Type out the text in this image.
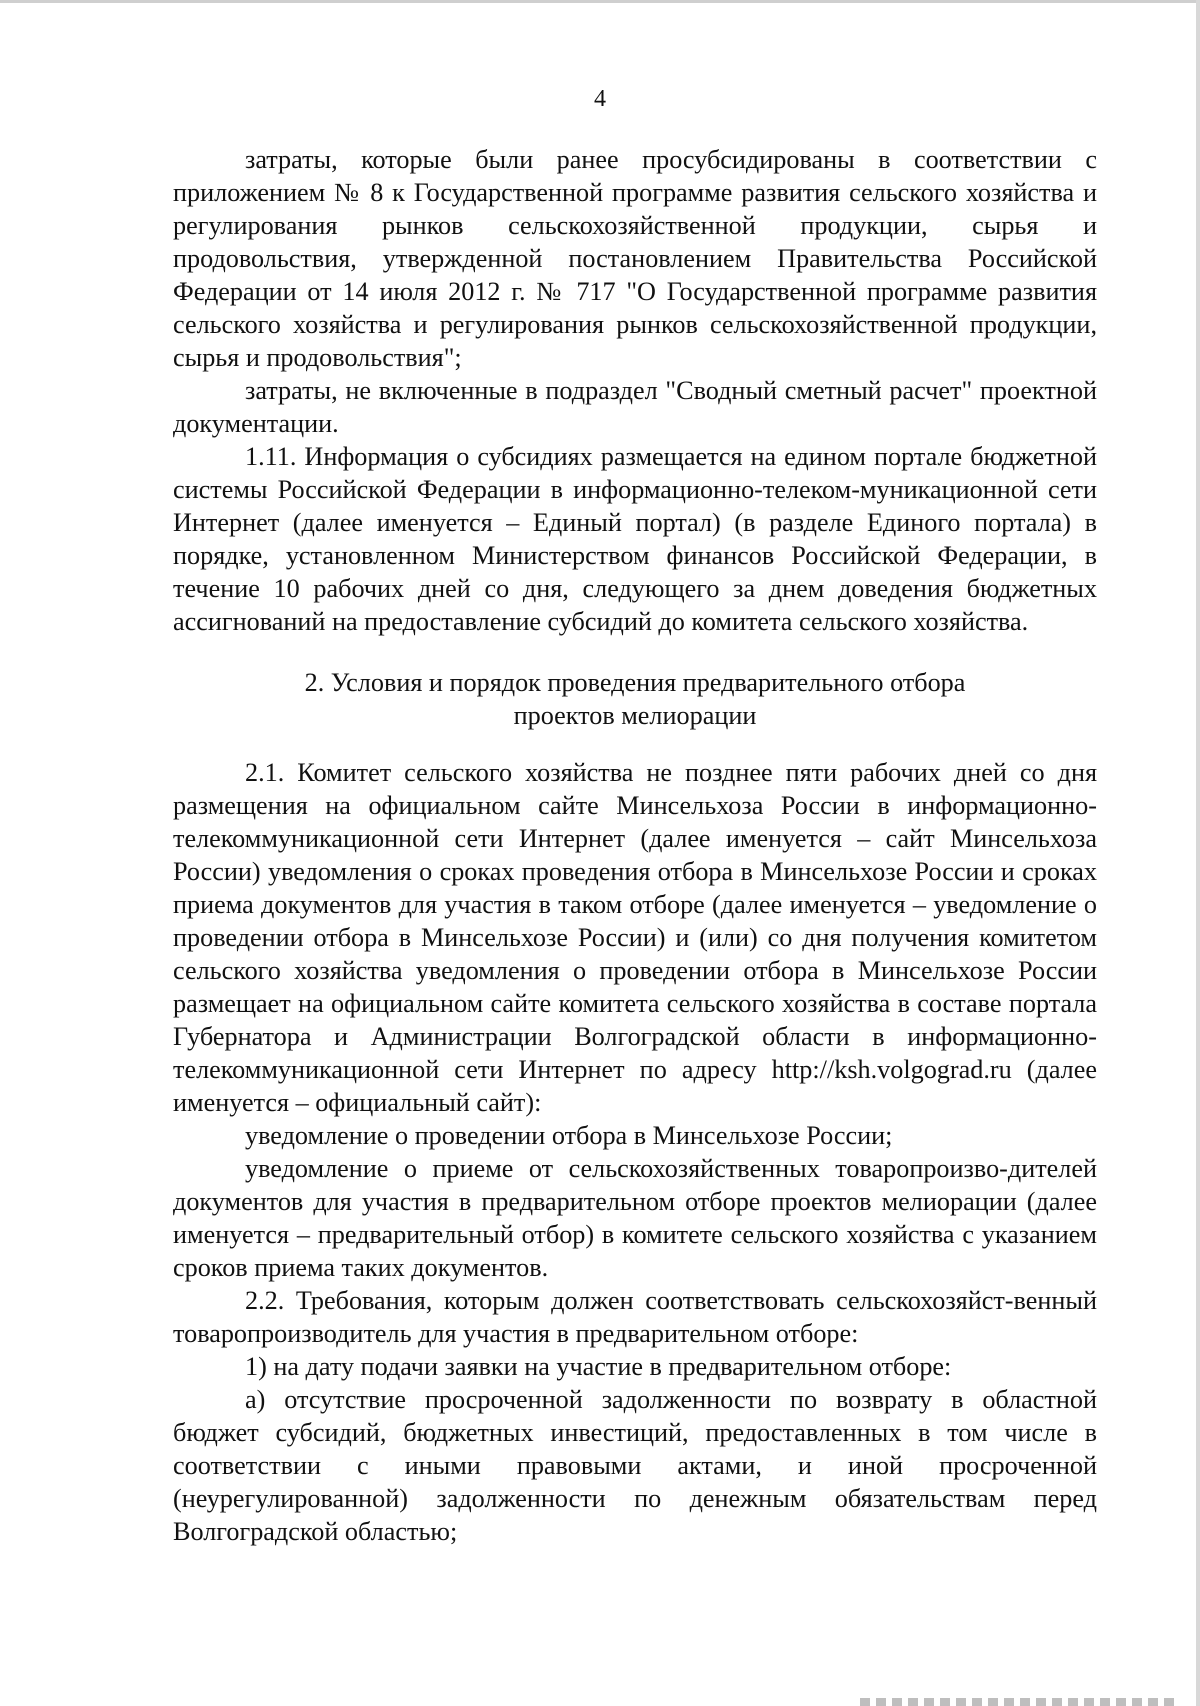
4

затраты, которые были ранее просубсидированы в соответствии с приложением № 8 к Государственной программе развития сельского хозяйства и регулирования рынков сельскохозяйственной продукции, сырья и продовольствия, утвержденной постановлением Правительства Российской Федерации от 14 июля 2012 г. № 717 "О Государственной программе развития сельского хозяйства и регулирования рынков сельскохозяйственной продукции, сырья и продовольствия";

затраты, не включенные в подраздел "Сводный сметный расчет" проектной документации.

1.11. Информация о субсидиях размещается на едином портале бюджетной системы Российской Федерации в информационно-телеком-муникационной сети Интернет (далее именуется – Единый портал) (в разделе Единого портала) в порядке, установленном Министерством финансов Российской Федерации, в течение 10 рабочих дней со дня, следующего за днем доведения бюджетных ассигнований на предоставление субсидий до комитета сельского хозяйства.

2. Условия и порядок проведения предварительного отбора
проектов мелиорации

2.1. Комитет сельского хозяйства не позднее пяти рабочих дней со дня размещения на официальном сайте Минсельхоза России в информационно-телекоммуникационной сети Интернет (далее именуется – сайт Минсельхоза России) уведомления о сроках проведения отбора в Минсельхозе России и сроках приема документов для участия в таком отборе (далее именуется – уведомление о проведении отбора в Минсельхозе России) и (или) со дня получения комитетом сельского хозяйства уведомления о проведении отбора в Минсельхозе России размещает на официальном сайте комитета сельского хозяйства в составе портала Губернатора и Администрации Волгоградской области в информационно-телекоммуникационной сети Интернет по адресу http://ksh.volgograd.ru (далее именуется – официальный сайт):

уведомление о проведении отбора в Минсельхозе России;

уведомление о приеме от сельскохозяйственных товаропроизво-дителей документов для участия в предварительном отборе проектов мелиорации (далее именуется – предварительный отбор) в комитете сельского хозяйства с указанием сроков приема таких документов.

2.2. Требования, которым должен соответствовать сельскохозяйст-венный товаропроизводитель для участия в предварительном отборе:

1) на дату подачи заявки на участие в предварительном отборе:

а) отсутствие просроченной задолженности по возврату в областной бюджет субсидий, бюджетных инвестиций, предоставленных в том числе в соответствии с иными правовыми актами, и иной просроченной (неурегулированной) задолженности по денежным обязательствам перед Волгоградской областью;
